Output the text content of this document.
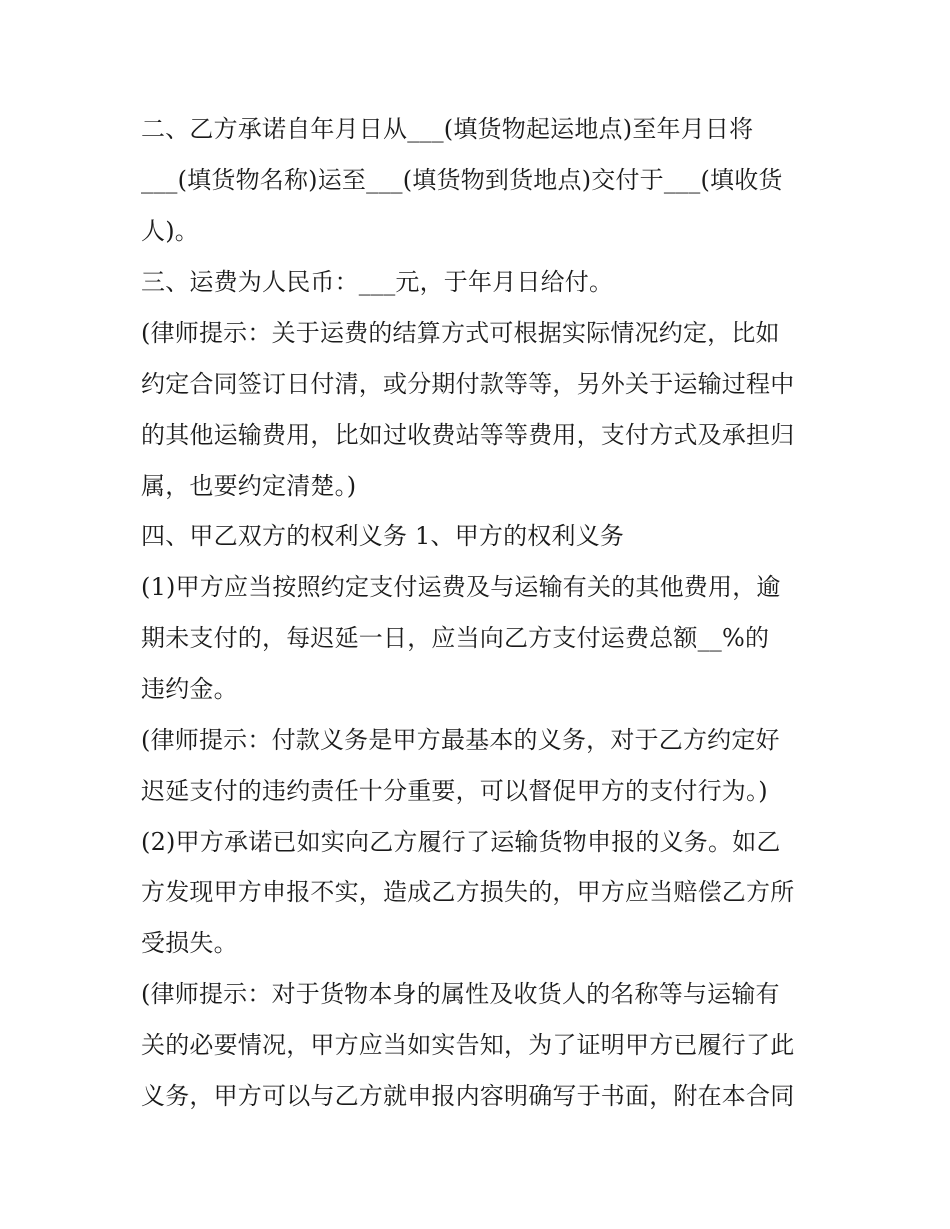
二、乙方承诺自年月日从___(填货物起运地点)至年月日将
___(填货物名称)运至___(填货物到货地点)交付于___(填收货
人)。
三、运费为人民币：___元，于年月日给付。
(律师提示：关于运费的结算方式可根据实际情况约定，比如
约定合同签订日付清，或分期付款等等，另外关于运输过程中
的其他运输费用，比如过收费站等等费用，支付方式及承担归
属，也要约定清楚。)
四、甲乙双方的权利义务 1、甲方的权利义务
(1)甲方应当按照约定支付运费及与运输有关的其他费用，逾
期未支付的，每迟延一日，应当向乙方支付运费总额__%的
违约金。
(律师提示：付款义务是甲方最基本的义务，对于乙方约定好
迟延支付的违约责任十分重要，可以督促甲方的支付行为。)
(2)甲方承诺已如实向乙方履行了运输货物申报的义务。如乙
方发现甲方申报不实，造成乙方损失的，甲方应当赔偿乙方所
受损失。
(律师提示：对于货物本身的属性及收货人的名称等与运输有
关的必要情况，甲方应当如实告知，为了证明甲方已履行了此
义务，甲方可以与乙方就申报内容明确写于书面，附在本合同
